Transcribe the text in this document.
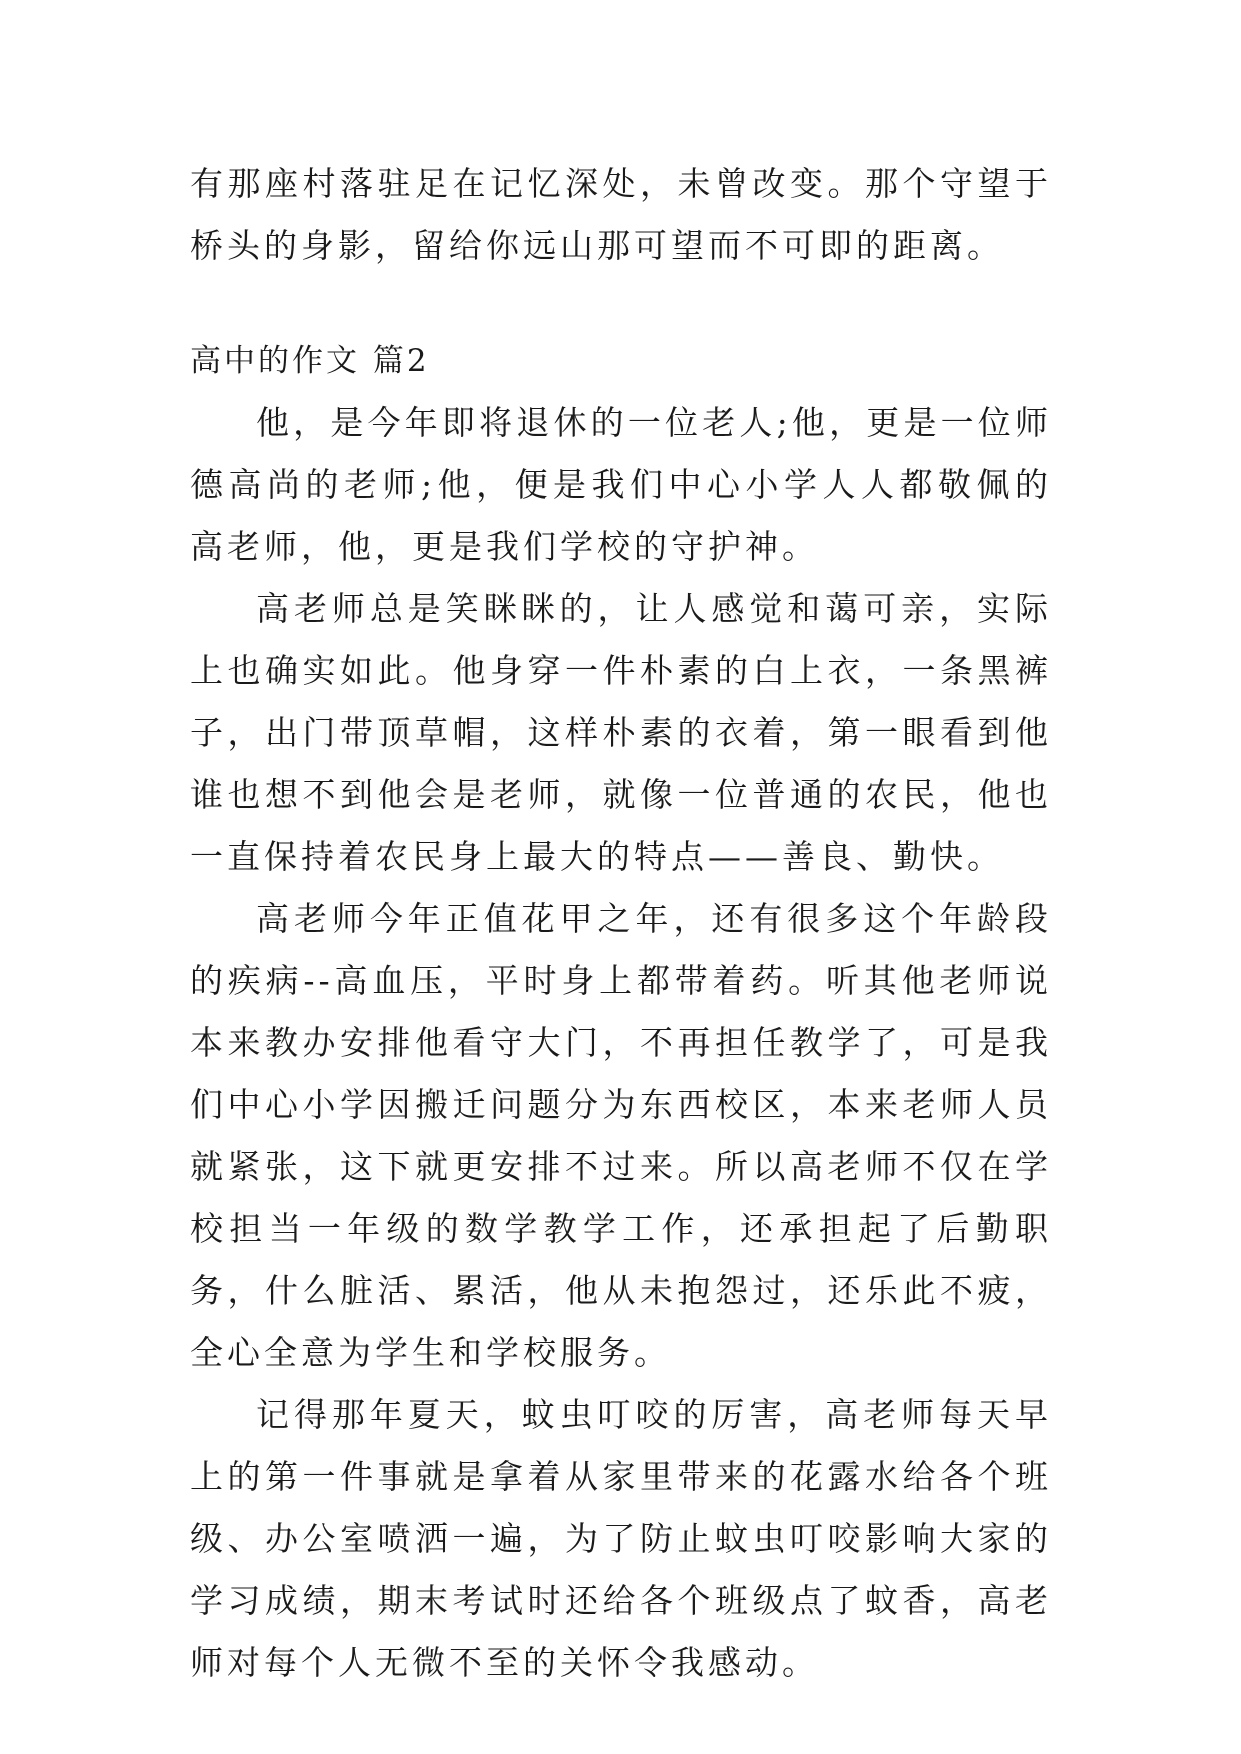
有那座村落驻足在记忆深处，未曾改变。那个守望于桥头的身影，留给你远山那可望而不可即的距离。

高中的作文 篇2

他，是今年即将退休的一位老人;他，更是一位师德高尚的老师;他，便是我们中心小学人人都敬佩的高老师，他，更是我们学校的守护神。

高老师总是笑眯眯的，让人感觉和蔼可亲，实际上也确实如此。他身穿一件朴素的白上衣，一条黑裤子，出门带顶草帽，这样朴素的衣着，第一眼看到他谁也想不到他会是老师，就像一位普通的农民，他也一直保持着农民身上最大的特点——善良、勤快。

高老师今年正值花甲之年，还有很多这个年龄段的疾病--高血压，平时身上都带着药。听其他老师说本来教办安排他看守大门，不再担任教学了，可是我们中心小学因搬迁问题分为东西校区，本来老师人员就紧张，这下就更安排不过来。所以高老师不仅在学校担当一年级的数学教学工作，还承担起了后勤职务，什么脏活、累活，他从未抱怨过，还乐此不疲，全心全意为学生和学校服务。

记得那年夏天，蚊虫叮咬的厉害，高老师每天早上的第一件事就是拿着从家里带来的花露水给各个班级、办公室喷洒一遍，为了防止蚊虫叮咬影响大家的学习成绩，期末考试时还给各个班级点了蚊香，高老师对每个人无微不至的关怀令我感动。
